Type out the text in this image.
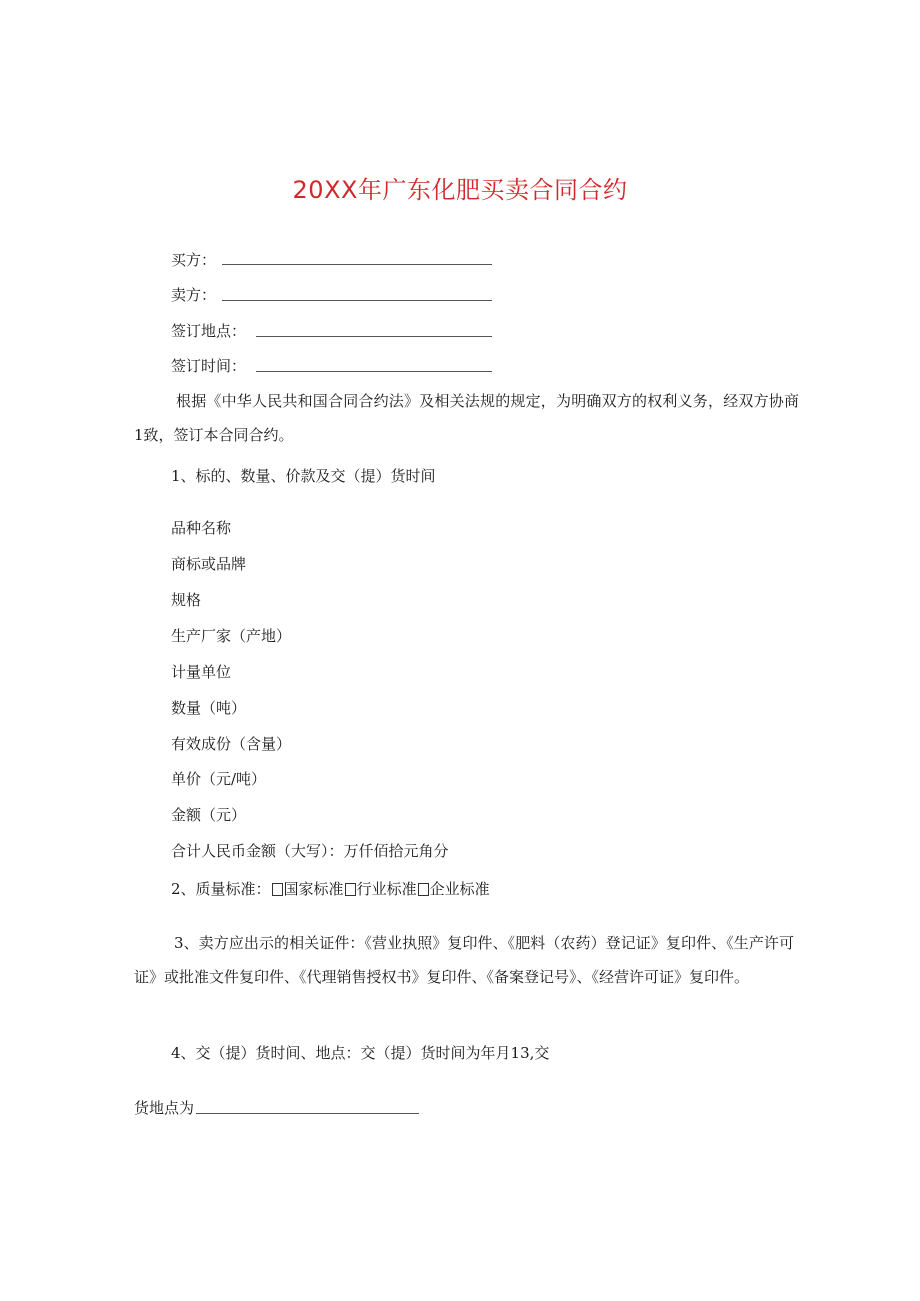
20XX年广东化肥买卖合同合约
买方：
卖方：
签订地点：
签订时间：
根据《中华人民共和国合同合约法》及相关法规的规定，为明确双方的权利义务，经双方协商1致，签订本合同合约。
1、标的、数量、价款及交（提）货时间
品种名称
商标或品牌
规格
生产厂家（产地）
计量单位
数量（吨）
有效成份（含量）
单价（元/吨）
金额（元）
合计人民币金额（大写）：万仟佰拾元角分
2、质量标准： 国家标准 行业标准 企业标准
3、卖方应出示的相关证件：《营业执照》复印件、《肥料（农药）登记证》复印件、《生产许可证》或批准文件复印件、《代理销售授权书》复印件、《备案登记号》、《经营许可证》复印件。
4、交（提）货时间、地点：交（提）货时间为年月13,交
货地点为
